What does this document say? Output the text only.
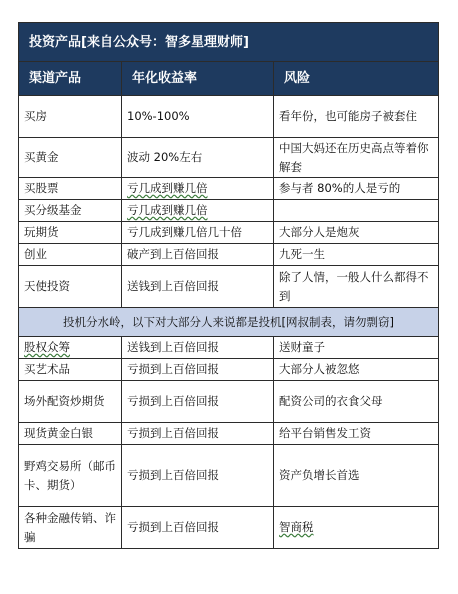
投资产品[来自公众号：智多星理财师]		
渠道产品	年化收益率	风险
买房	10%-100%	看年份，也可能房子被套住
买黄金	波动 20%左右	中国大妈还在历史高点等着你解套
买股票	亏几成到赚几倍	参与者 80%的人是亏的
买分级基金	亏几成到赚几倍	
玩期货	亏几成到赚几倍几十倍	大部分人是炮灰
创业	破产到上百倍回报	九死一生
天使投资	送钱到上百倍回报	除了人情，一般人什么都得不到
投机分水岭，以下对大部分人来说都是投机[网叔制表，请勿剽窃]		
股权众筹	送钱到上百倍回报	送财童子
买艺术品	亏损到上百倍回报	大部分人被忽悠
场外配资炒期货	亏损到上百倍回报	配资公司的衣食父母
现货黄金白银	亏损到上百倍回报	给平台销售发工资
野鸡交易所（邮币卡、期货）	亏损到上百倍回报	资产负增长首选
各种金融传销、诈骗	亏损到上百倍回报	智商税
